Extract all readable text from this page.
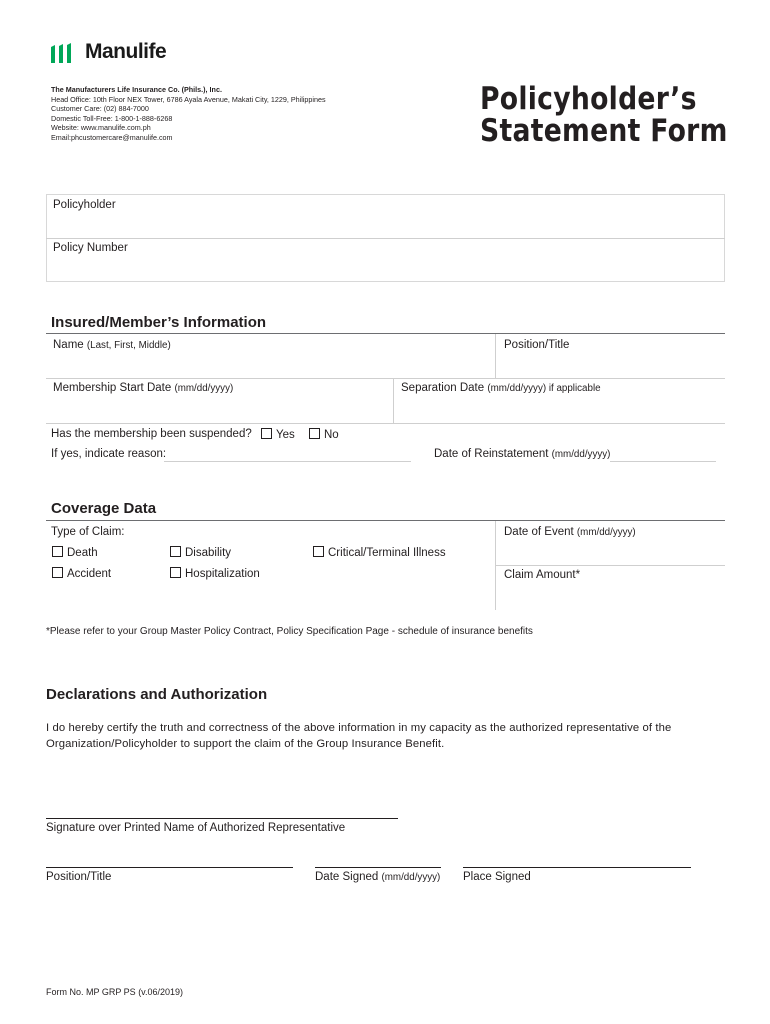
Manulife
The Manufacturers Life Insurance Co. (Phils.), Inc.
Head Office: 10th Floor NEX Tower, 6786 Ayala Avenue, Makati City, 1229, Philippines
Customer Care: (02) 884-7000
Domestic Toll-Free: 1-800-1-888-6268
Website: www.manulife.com.ph
Email:phcustomercare@manulife.com
Policyholder’s
Statement Form
Policyholder
Policy Number
Insured/Member’s Information
Name (Last, First, Middle)	Position/Title
Membership Start Date (mm/dd/yyyy)	Separation Date (mm/dd/yyyy) if applicable
Has the membership been suspended?	Yes	No
If yes, indicate reason:	Date of Reinstatement (mm/dd/yyyy)
Coverage Data
Type of Claim:
Death	Disability	Critical/Terminal Illness
Accident	Hospitalization
Date of Event (mm/dd/yyyy)
Claim Amount*
*Please refer to your Group Master Policy Contract, Policy Specification Page - schedule of insurance benefits
Declarations and Authorization
I do hereby certify the truth and correctness of the above information in my capacity as the authorized representative of the
Organization/Policyholder to support the claim of the Group Insurance Benefit.
Signature over Printed Name of Authorized Representative
Position/Title	Date Signed (mm/dd/yyyy) Place Signed
Form No. MP GRP PS (v.06/2019)
